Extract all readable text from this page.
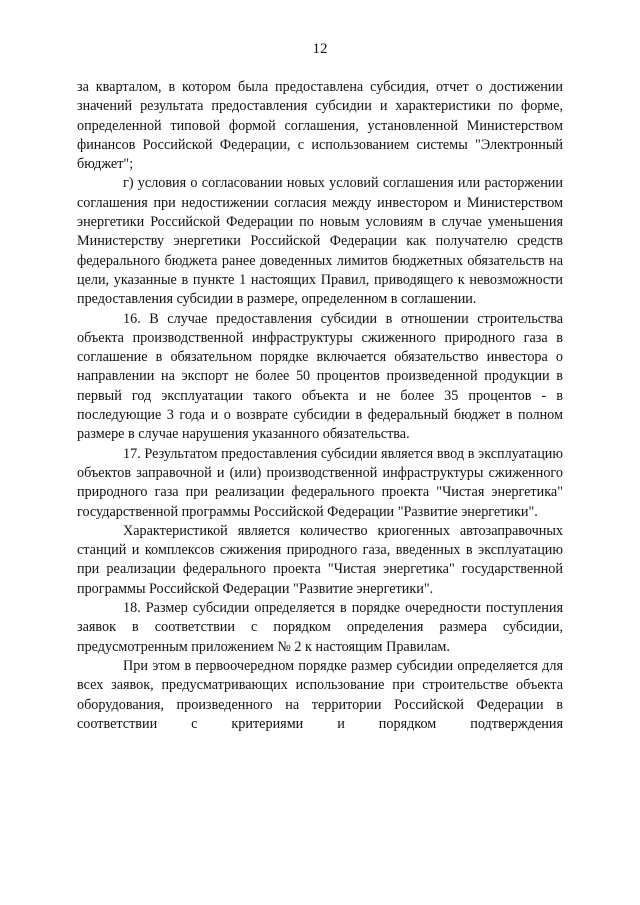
12

за кварталом, в котором была предоставлена субсидия, отчет о достижении значений результата предоставления субсидии и характеристики по форме, определенной типовой формой соглашения, установленной Министерством финансов Российской Федерации, с использованием системы "Электронный бюджет";

г) условия о согласовании новых условий соглашения или расторжении соглашения при недостижении согласия между инвестором и Министерством энергетики Российской Федерации по новым условиям в случае уменьшения Министерству энергетики Российской Федерации как получателю средств федерального бюджета ранее доведенных лимитов бюджетных обязательств на цели, указанные в пункте 1 настоящих Правил, приводящего к невозможности предоставления субсидии в размере, определенном в соглашении.

16. В случае предоставления субсидии в отношении строительства объекта производственной инфраструктуры сжиженного природного газа в соглашение в обязательном порядке включается обязательство инвестора о направлении на экспорт не более 50 процентов произведенной продукции в первый год эксплуатации такого объекта и не более 35 процентов - в последующие 3 года и о возврате субсидии в федеральный бюджет в полном размере в случае нарушения указанного обязательства.

17. Результатом предоставления субсидии является ввод в эксплуатацию объектов заправочной и (или) производственной инфраструктуры сжиженного природного газа при реализации федерального проекта "Чистая энергетика" государственной программы Российской Федерации "Развитие энергетики".

Характеристикой является количество криогенных автозаправочных станций и комплексов сжижения природного газа, введенных в эксплуатацию при реализации федерального проекта "Чистая энергетика" государственной программы Российской Федерации "Развитие энергетики".

18. Размер субсидии определяется в порядке очередности поступления заявок в соответствии с порядком определения размера субсидии, предусмотренным приложением № 2 к настоящим Правилам.

При этом в первоочередном порядке размер субсидии определяется для всех заявок, предусматривающих использование при строительстве объекта оборудования, произведенного на территории Российской Федерации в соответствии с критериями и порядком подтверждения
